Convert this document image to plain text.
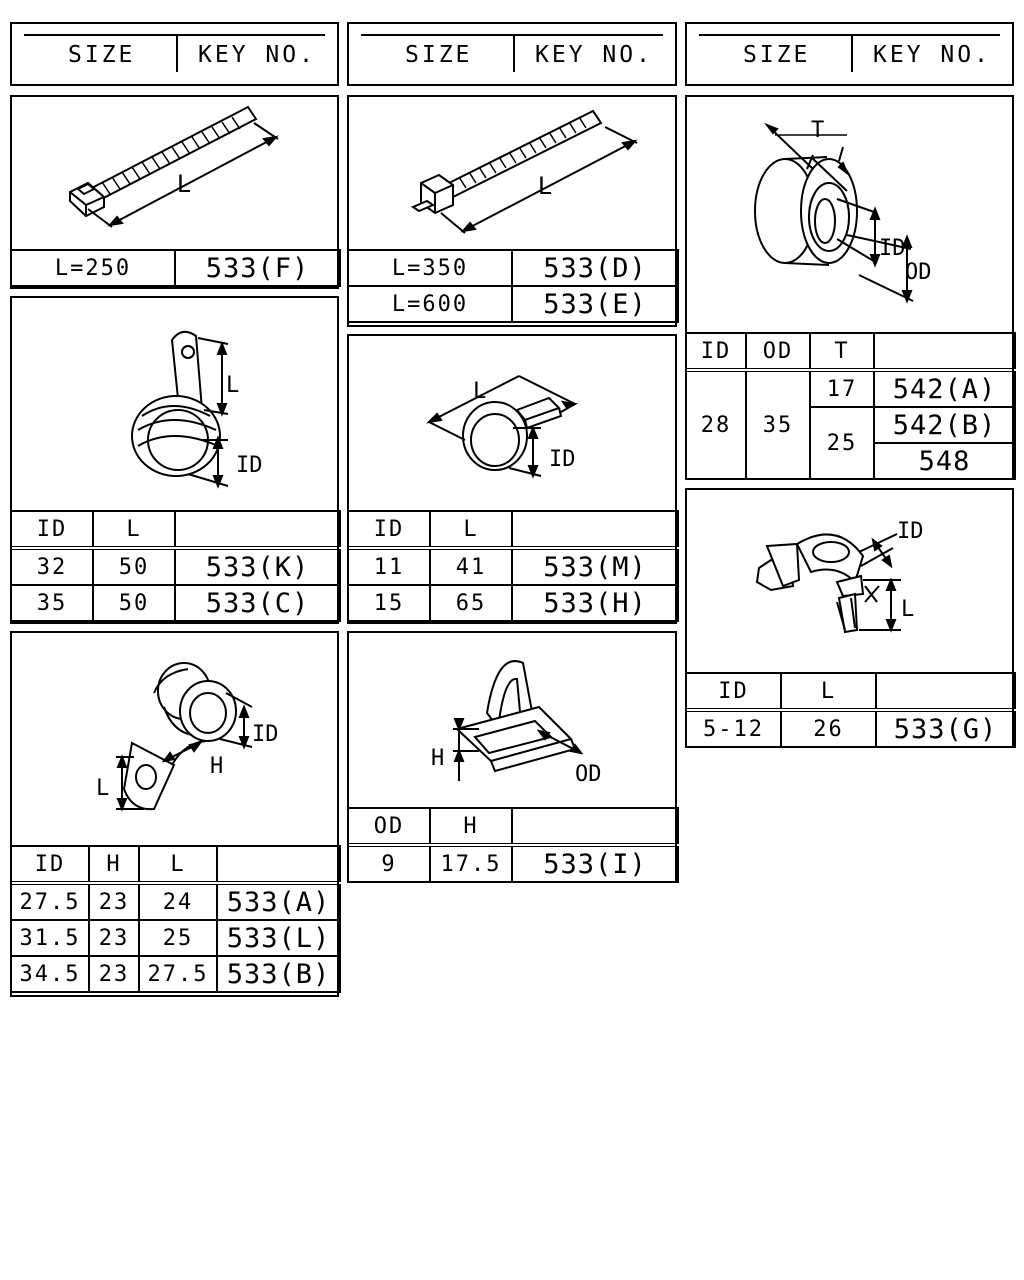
SIZE	KEY NO.	SIZE	KEY NO.	SIZE	KEY NO.
L
L=250	533(F)
L
L=350	533(D)
L=600	533(E)
T
ID
OD
ID	OD	T	
28	35	17	542(A)
		25	542(B)
			548
L
ID
ID	L	
32	50	533(K)
35	50	533(C)
L
ID
ID	L	
11	41	533(M)
15	65	533(H)
ID
L
ID	L	
5-12	26	533(G)
ID
H
L
ID	H	L	
27.5	23	24	533(A)
31.5	23	25	533(L)
34.5	23	27.5	533(B)
H
OD
OD	H	
9	17.5	533(I)
